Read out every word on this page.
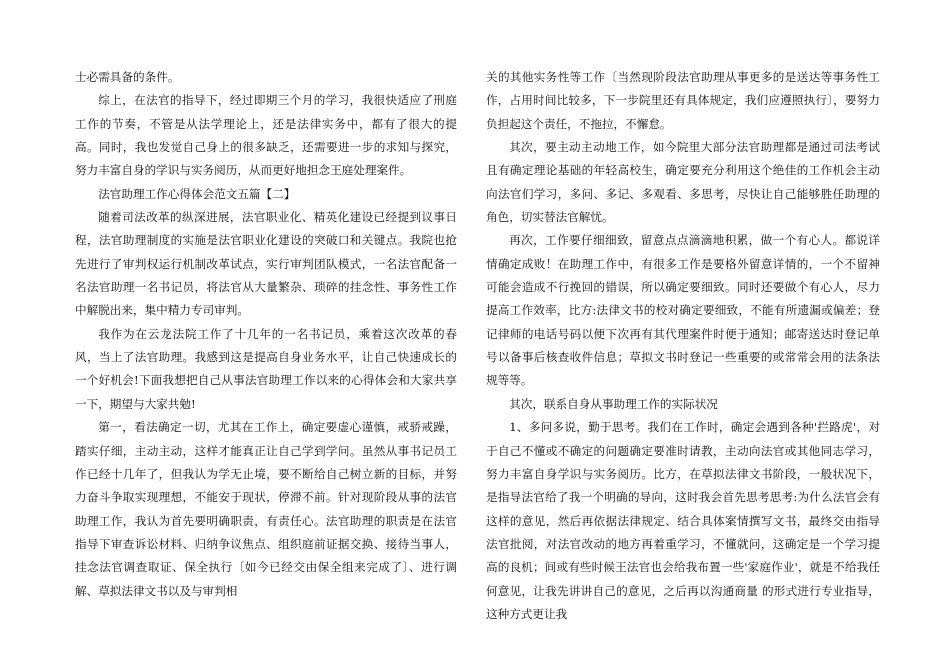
士必需具备的条件。

综上，在法官的指导下，经过即期三个月的学习，我很快适应了刑庭工作的节奏，不管是从法学理论上，还是法律实务中，都有了很大的提高。同时，我也发觉自己身上的很多缺乏，还需要进一步的求知与探究，努力丰富自身的学识与实务阅历，从而更好地担念王庭处理案件。

法官助理工作心得体会范文五篇【二】

随着司法改革的纵深进展，法官职业化、精英化建设已经提到议事日程，法官助理制度的实施是法官职业化建设的突破口和关键点。我院也抢先进行了审判权运行机制改革试点，实行审判团队模式，一名法官配备一名法官助理一名书记员，将法官从大量繁杂、琐碎的挂念性、事务性工作中解脱出来，集中精力专司审判。

我作为在云龙法院工作了十几年的一名书记员，乘着这次改革的春风，当上了法官助理。我感到这是提高自身业务水平，让自己快速成长的一个好机会!下面我想把自己从事法官助理工作以来的心得体会和大家共享一下，期望与大家共勉!

第一，看法确定一切，尤其在工作上，确定要虚心谨慎，戒骄戒躁，踏实仔细，主动主动，这样才能真正让自己学到学问。虽然从事书记员工作已经十几年了，但我认为学无止境，要不断给自己树立新的目标，并努力奋斗争取实现理想，不能安于现状，停滞不前。针对现阶段从事的法官助理工作，我认为首先要明确职责，有责任心。法官助理的职责是在法官指导下审查诉讼材料、归纳争议焦点、组织庭前证据交换、接待当事人，挂念法官调查取证、保全执行〔如今已经交由保全组来完成了〕、进行调解、草拟法律文书以及与审判相

关的其他实务性等工作〔当然现阶段法官助理从事更多的是送达等事务性工作，占用时间比较多，下一步院里还有具体规定，我们应遵照执行〕，要努力负担起这个责任，不拖拉，不懈怠。

其次，要主动主动地工作，如今院里大部分法官助理都是通过司法考试且有确定理论基础的年轻高校生，确定要充分利用这个绝佳的工作机会主动向法官们学习，多问、多记、多观看、多思考，尽快让自己能够胜任助理的角色，切实替法官解忧。

再次，工作要仔细细致，留意点点滴滴地积累，做一个有心人。都说详情确定成败！在助理工作中，有很多工作是要格外留意详情的，一个不留神可能会造成不行挽回的错误，所以确定要细致。同时还要做个有心人，尽力提高工作效率，比方:法律文书的校对确定要细致，不能有所遗漏或偏差；登记律师的电话号码以便下次再有其代理案件时便于通知；邮寄送达时登记单号以备事后核查收件信息；草拟文书时登记一些重要的或常常会用的法条法规等等。

其次，联系自身从事助理工作的实际状况

1、多问多说，勤于思考。我们在工作时，确定会遇到各种'拦路虎'，对于自己不懂或不确定的问题确定要准时请教，主动向法官或其他同志学习，努力丰富自身学识与实务阅历。比方，在草拟法律文书阶段，一般状况下，是指导法官给了我一个明确的导向，这时我会首先思考思考:为什么法官会有这样的意见，然后再依据法律规定、结合具体案情撰写文书，最终交由指导法官批阅，对法官改动的地方再着重学习，不懂就问，这确定是一个学习提高的良机；间或有些时候王法官也会给我布置一些'家庭作业'，就是不给我任何意见，让我先讲讲自己的意见，之后再以沟通商量 的形式进行专业指导，这种方式更让我
